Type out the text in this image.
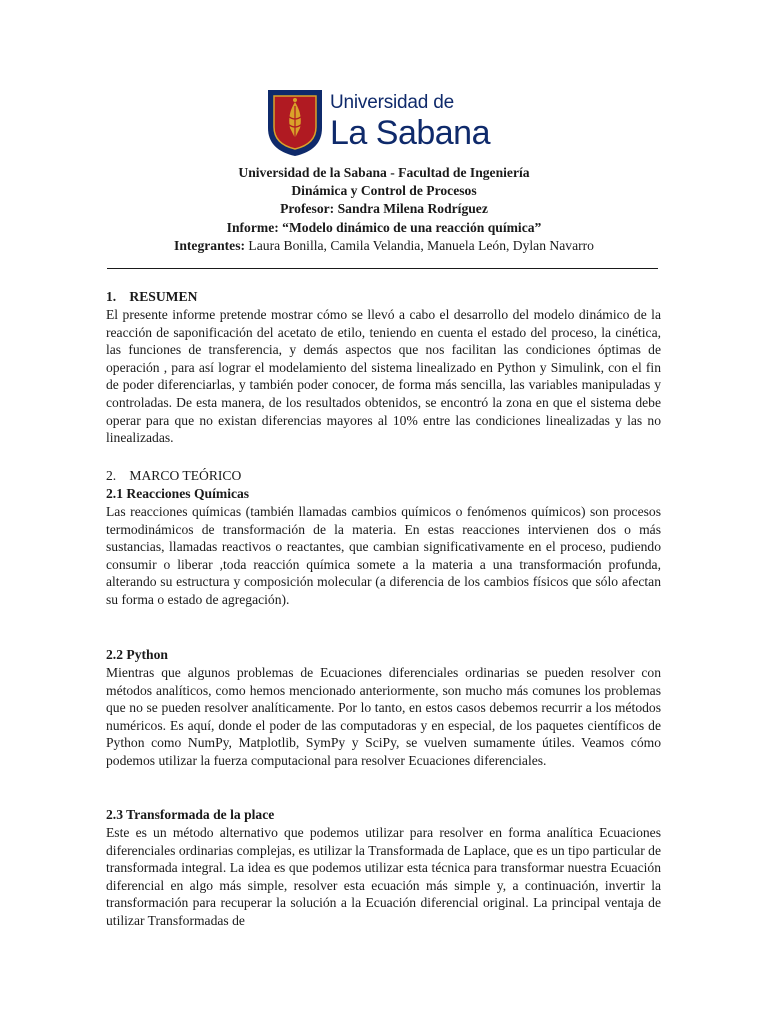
Universidad de
La Sabana
Universidad de la Sabana - Facultad de Ingeniería
Dinámica y Control de Procesos
Profesor: Sandra Milena Rodríguez
Informe: “Modelo dinámico de una reacción química”
Integrantes: Laura Bonilla, Camila Velandia, Manuela León, Dylan Navarro
1. RESUMEN
El presente informe pretende mostrar cómo se llevó a cabo el desarrollo del modelo dinámico de la reacción de saponificación del acetato de etilo, teniendo en cuenta el estado del proceso, la cinética, las funciones de transferencia, y demás aspectos que nos facilitan las condiciones óptimas de operación , para así lograr el modelamiento del sistema linealizado en Python y Simulink, con el fin de poder diferenciarlas, y también poder conocer, de forma más sencilla, las variables manipuladas y controladas. De esta manera, de los resultados obtenidos, se encontró la zona en que el sistema debe operar para que no existan diferencias mayores al 10% entre las condiciones linealizadas y las no linealizadas.
2. MARCO TEÓRICO
2.1 Reacciones Químicas
Las reacciones químicas (también llamadas cambios químicos o fenómenos químicos) son procesos termodinámicos de transformación de la materia. En estas reacciones intervienen dos o más sustancias, llamadas reactivos o reactantes, que cambian significativamente en el proceso, pudiendo consumir o liberar ,toda reacción química somete a la materia a una transformación profunda, alterando su estructura y composición molecular (a diferencia de los cambios físicos que sólo afectan su forma o estado de agregación).
2.2 Python
Mientras que algunos problemas de Ecuaciones diferenciales ordinarias se pueden resolver con métodos analíticos, como hemos mencionado anteriormente, son mucho más comunes los problemas que no se pueden resolver analíticamente. Por lo tanto, en estos casos debemos recurrir a los métodos numéricos. Es aquí, donde el poder de las computadoras y en especial, de los paquetes científicos de Python como NumPy, Matplotlib, SymPy y SciPy, se vuelven sumamente útiles. Veamos cómo podemos utilizar la fuerza computacional para resolver Ecuaciones diferenciales.
2.3 Transformada de la place
Este es un método alternativo que podemos utilizar para resolver en forma analítica Ecuaciones diferenciales ordinarias complejas, es utilizar la Transformada de Laplace, que es un tipo particular de transformada integral. La idea es que podemos utilizar esta técnica para transformar nuestra Ecuación diferencial en algo más simple, resolver esta ecuación más simple y, a continuación, invertir la transformación para recuperar la solución a la Ecuación diferencial original. La principal ventaja de utilizar Transformadas de
